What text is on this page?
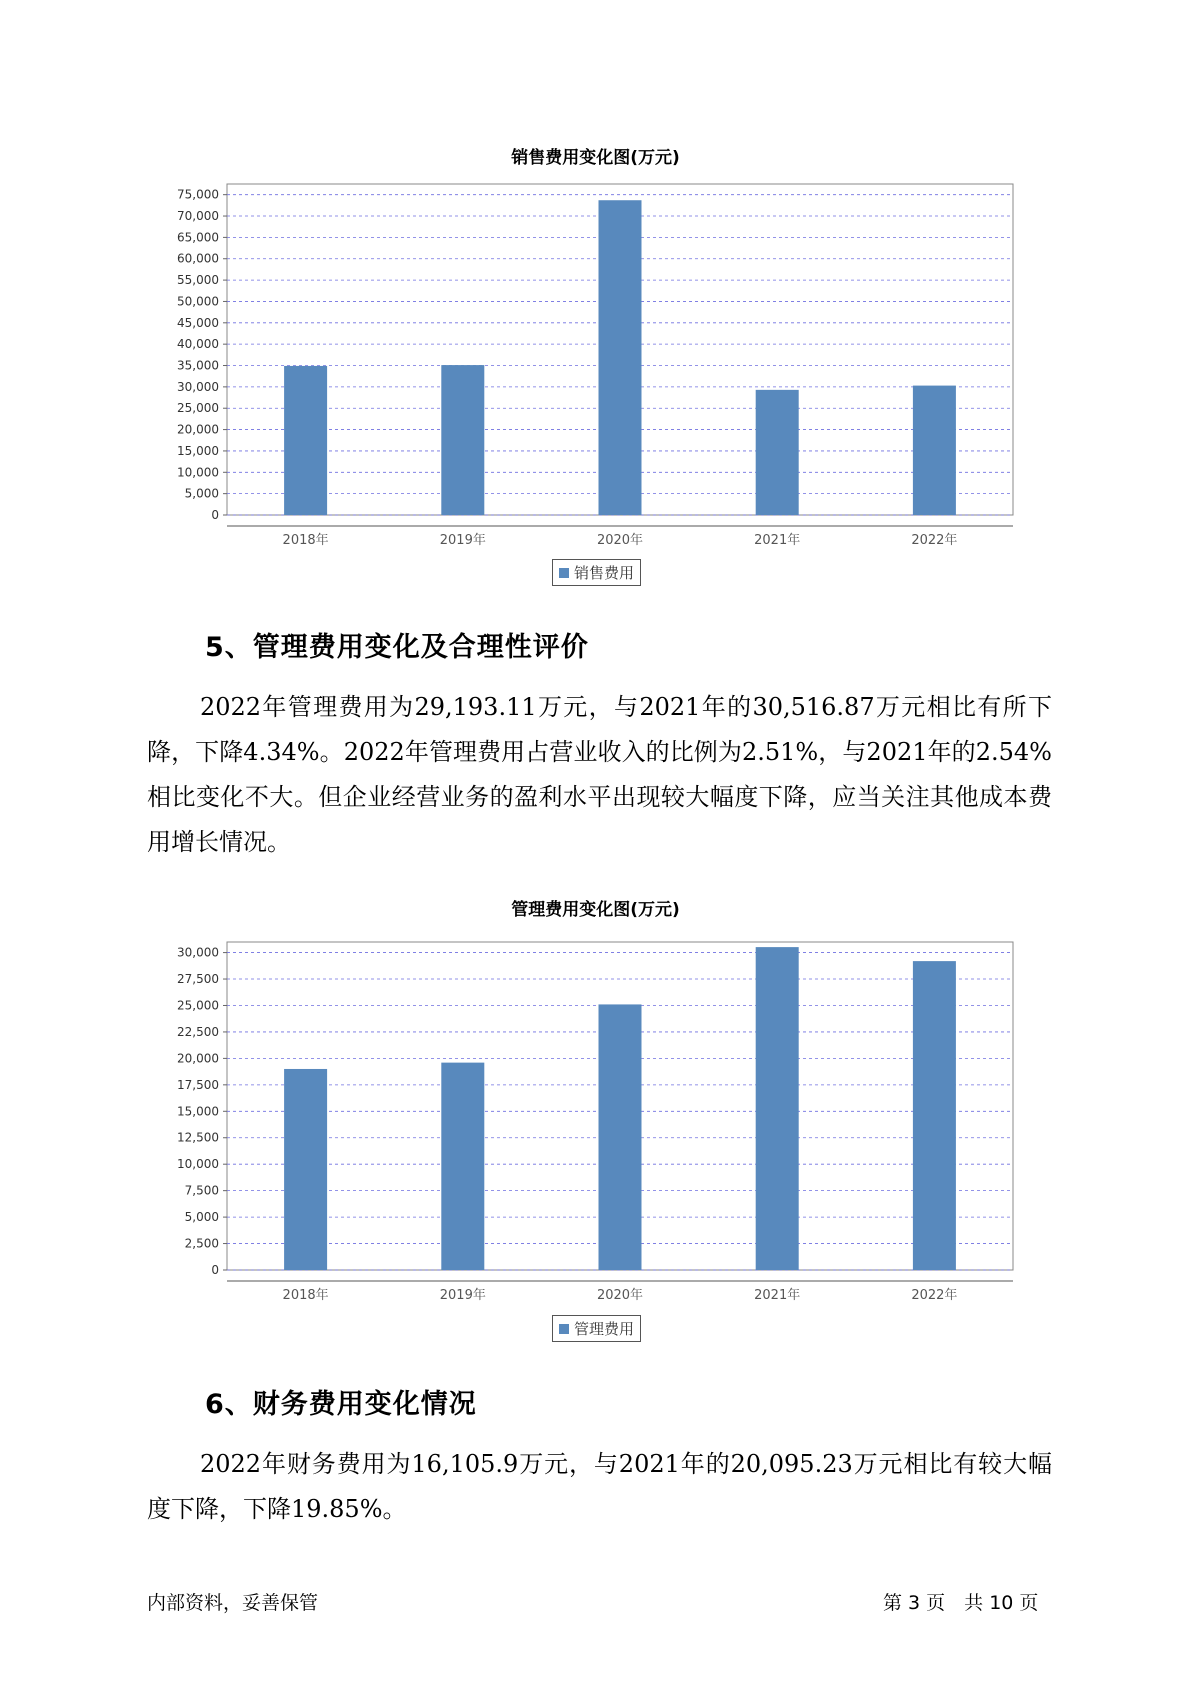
销售费用变化图(万元)
0
5,000
10,000
15,000
20,000
25,000
30,000
35,000
40,000
45,000
50,000
55,000
60,000
65,000
70,000
75,000
2018年	2019年	2020年	2021年	2022年
销售费用
5、管理费用变化及合理性评价

2022年管理费用为29,193.11万元，与2021年的30,516.87万元相比有所下降，下降4.34%。2022年管理费用占营业收入的比例为2.51%，与2021年的2.54%相比变化不大。但企业经营业务的盈利水平出现较大幅度下降，应当关注其他成本费用增长情况。

管理费用变化图(万元)
0
2,500
5,000
7,500
10,000
12,500
15,000
17,500
20,000
22,500
25,000
27,500
30,000
2018年	2019年	2020年	2021年	2022年
管理费用
6、财务费用变化情况

2022年财务费用为16,105.9万元，与2021年的20,095.23万元相比有较大幅度下降，下降19.85%。

内部资料，妥善保管	第 3 页　共 10 页
